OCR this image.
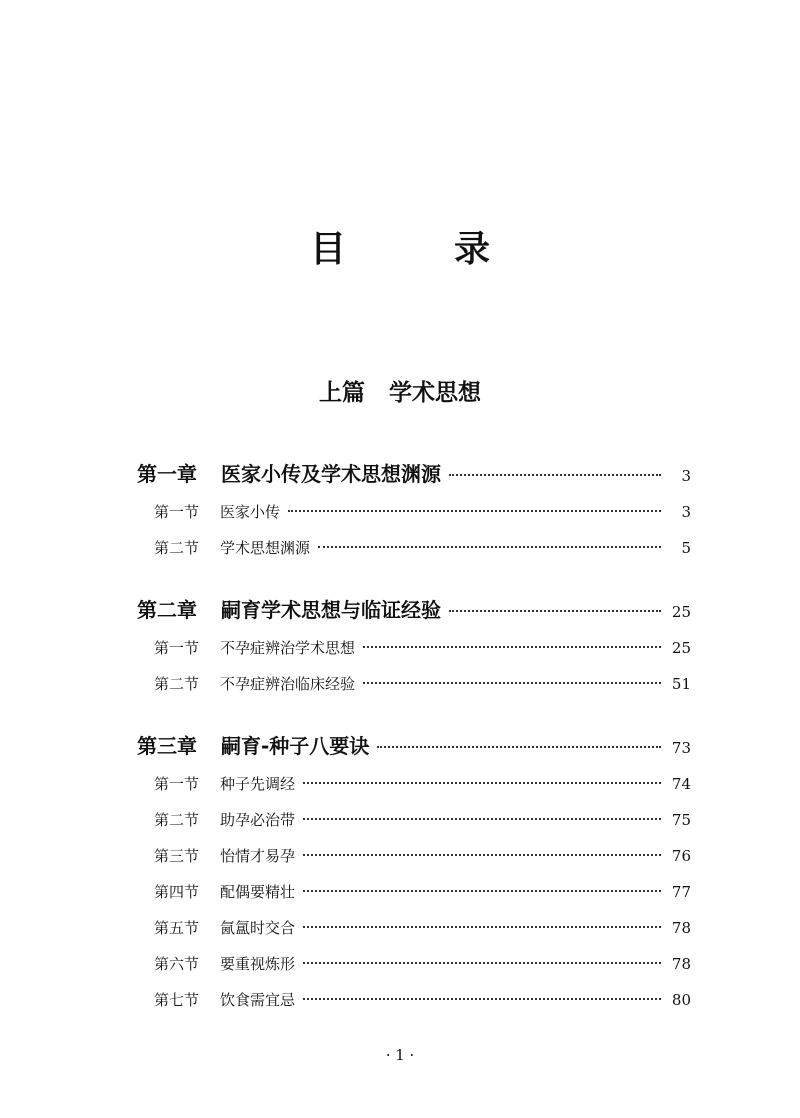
目　录
上篇 学术思想
第一章	医家小传及学术思想渊源	3
第一节	医家小传	3
第二节	学术思想渊源	5
第二章	嗣育学术思想与临证经验	25
第一节	不孕症辨治学术思想	25
第二节	不孕症辨治临床经验	51
第三章	嗣育-种子八要诀	73
第一节	种子先调经	74
第二节	助孕必治带	75
第三节	怡情才易孕	76
第四节	配偶要精壮	77
第五节	氤氲时交合	78
第六节	要重视炼形	78
第七节	饮食需宜忌	80
· 1 ·
